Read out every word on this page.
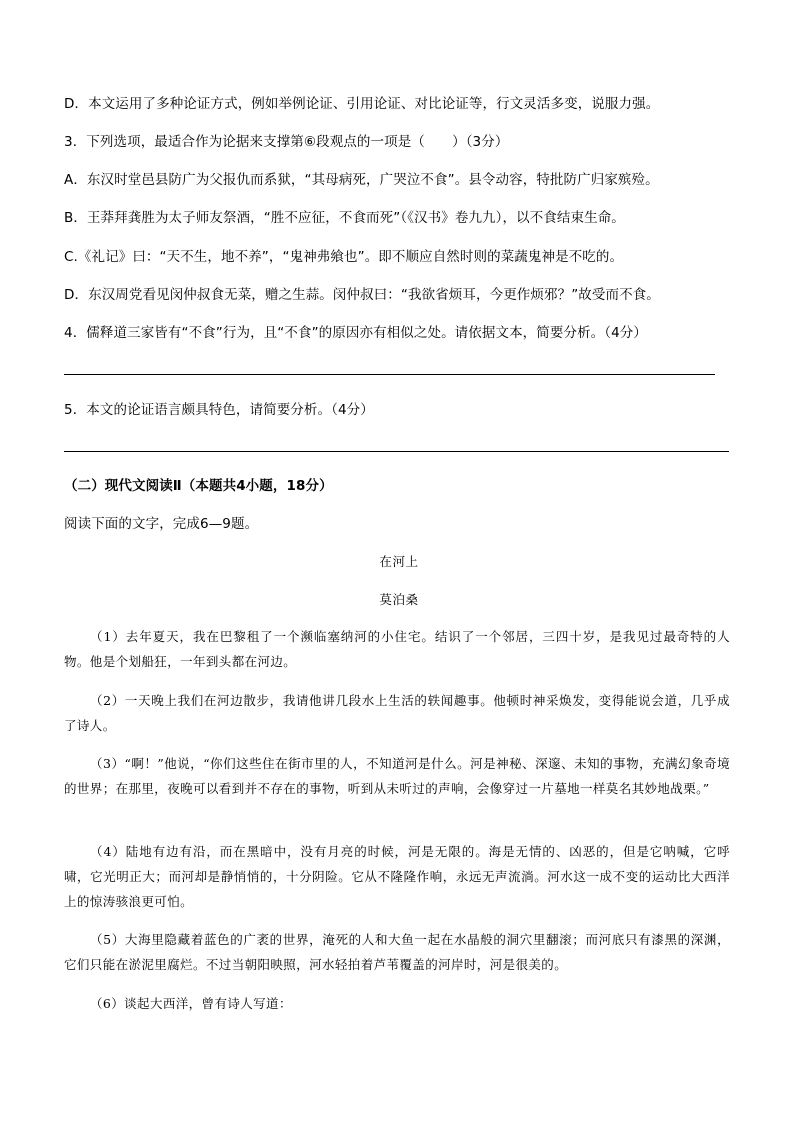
D．本文运用了多种论证方式，例如举例论证、引用论证、对比论证等，行文灵活多变，说服力强。
3．下列选项，最适合作为论据来支撑第⑥段观点的一项是（　　）（3分）
A．东汉时堂邑县防广为父报仇而系狱，“其母病死，广哭泣不食”。县令动容，特批防广归家殡殓。
B．王莽拜龚胜为太子师友祭酒，“胜不应征，不食而死”（《汉书》卷九九），以不食结束生命。
C.《礼记》曰：“天不生，地不养”，“鬼神弗飨也”。即不顺应自然时则的菜蔬鬼神是不吃的。
D．东汉周党看见闵仲叔食无菜，赠之生蒜。闵仲叔曰：“我欲省烦耳，今更作烦邪？”故受而不食。
4．儒释道三家皆有“不食”行为，且“不食”的原因亦有相似之处。请依据文本，简要分析。（4分）
5．本文的论证语言颇具特色，请简要分析。（4分）
（二）现代文阅读Ⅱ（本题共4小题，18分）
阅读下面的文字，完成6—9题。
在河上
莫泊桑
（1）去年夏天，我在巴黎租了一个濒临塞纳河的小住宅。结识了一个邻居，三四十岁，是我见过最奇特的人物。他是个划船狂，一年到头都在河边。
（2）一天晚上我们在河边散步，我请他讲几段水上生活的轶闻趣事。他顿时神采焕发，变得能说会道，几乎成了诗人。
（3）“啊！”他说，“你们这些住在街市里的人，不知道河是什么。河是神秘、深邃、未知的事物，充满幻象奇境的世界；在那里，夜晚可以看到并不存在的事物，听到从未听过的声响，会像穿过一片墓地一样莫名其妙地战栗。”
（4）陆地有边有沿，而在黑暗中，没有月亮的时候，河是无限的。海是无情的、凶恶的，但是它呐喊，它呼啸，它光明正大；而河却是静悄悄的，十分阴险。它从不隆隆作响，永远无声流淌。河水这一成不变的运动比大西洋上的惊涛骇浪更可怕。
（5）大海里隐藏着蓝色的广袤的世界，淹死的人和大鱼一起在水晶般的洞穴里翻滚；而河底只有漆黑的深渊，它们只能在淤泥里腐烂。不过当朝阳映照，河水轻拍着芦苇覆盖的河岸时，河是很美的。
（6）谈起大西洋，曾有诗人写道：
